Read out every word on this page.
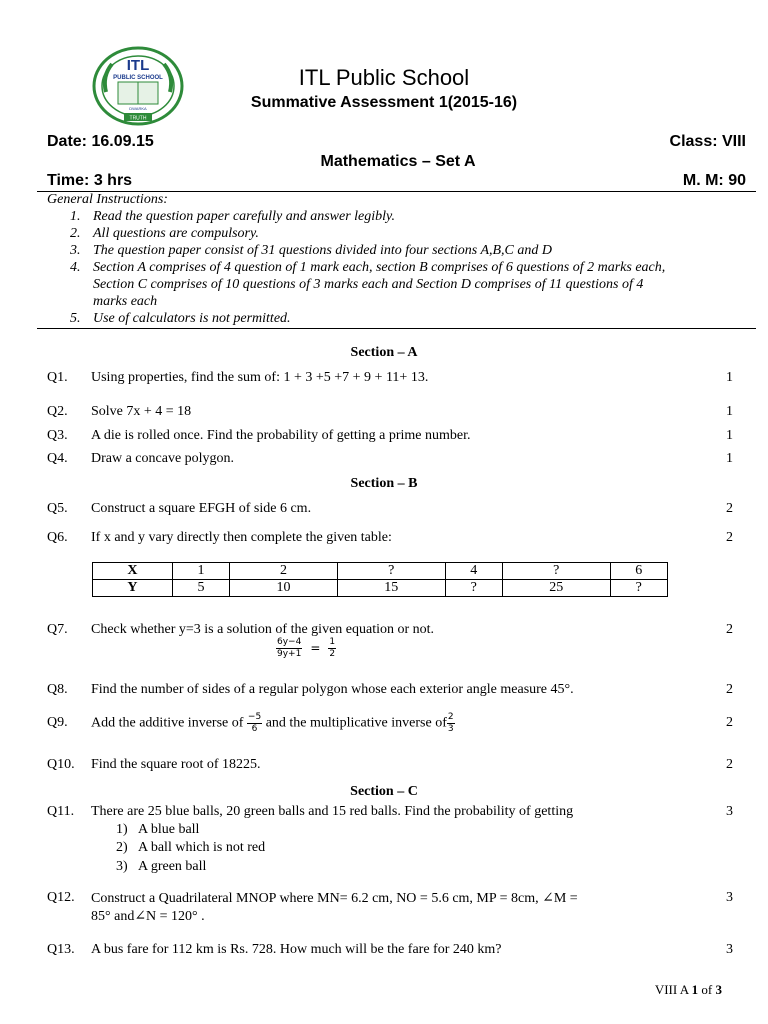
ITL
PUBLIC SCHOOL
DWARKA
TRUTH
ITL Public School
Summative Assessment 1(2015-16)
Date: 16.09.15	Class: VIII
Mathematics – Set A
Time: 3 hrs	M. M: 90
General Instructions:
1. Read the question paper carefully and answer legibly.
2. All questions are compulsory.
3. The question paper consist of 31 questions divided into four sections A,B,C and D
4. Section A comprises of 4 question of 1 mark each, section B comprises of 6 questions of 2 marks each,
Section C comprises of 10 questions of 3 marks each and Section D comprises of 11 questions of 4
marks each
5. Use of calculators is not permitted.
Section – A
Q1. Using properties, find the sum of: 1 + 3 +5 +7 + 9 + 11+ 13.	1
Q2. Solve 7x + 4 = 18	1
Q3. A die is rolled once. Find the probability of getting a prime number.	1
Q4. Draw a concave polygon.	1
Section – B
Q5. Construct a square EFGH of side 6 cm.	2
Q6. If x and y vary directly then complete the given table:	2
X	1	2	?	4	?	6
Y	5	10	15	?	25	?
Q7. Check whether y=3 is a solution of the given equation or not.	2
$\frac{6y-4}{9y+1} = \frac{1}{2}$
Q8. Find the number of sides of a regular polygon whose each exterior angle measure 45°.	2
Q9. Add the additive inverse of $\frac{-5}{6}$ and the multiplicative inverse of $\frac{2}{3}$	2
Q10. Find the square root of 18225.	2
Section – C
Q11. There are 25 blue balls, 20 green balls and 15 red balls. Find the probability of getting	3
1) A blue ball
2) A ball which is not red
3) A green ball
Q12. Construct a Quadrilateral MNOP where MN= 6.2 cm, NO = 5.6 cm, MP = 8cm, ∠M =
85° and∠N = 120° .
3
Q13. A bus fare for 112 km is Rs. 728. How much will be the fare for 240 km?	3
VIII A 1 of 3
